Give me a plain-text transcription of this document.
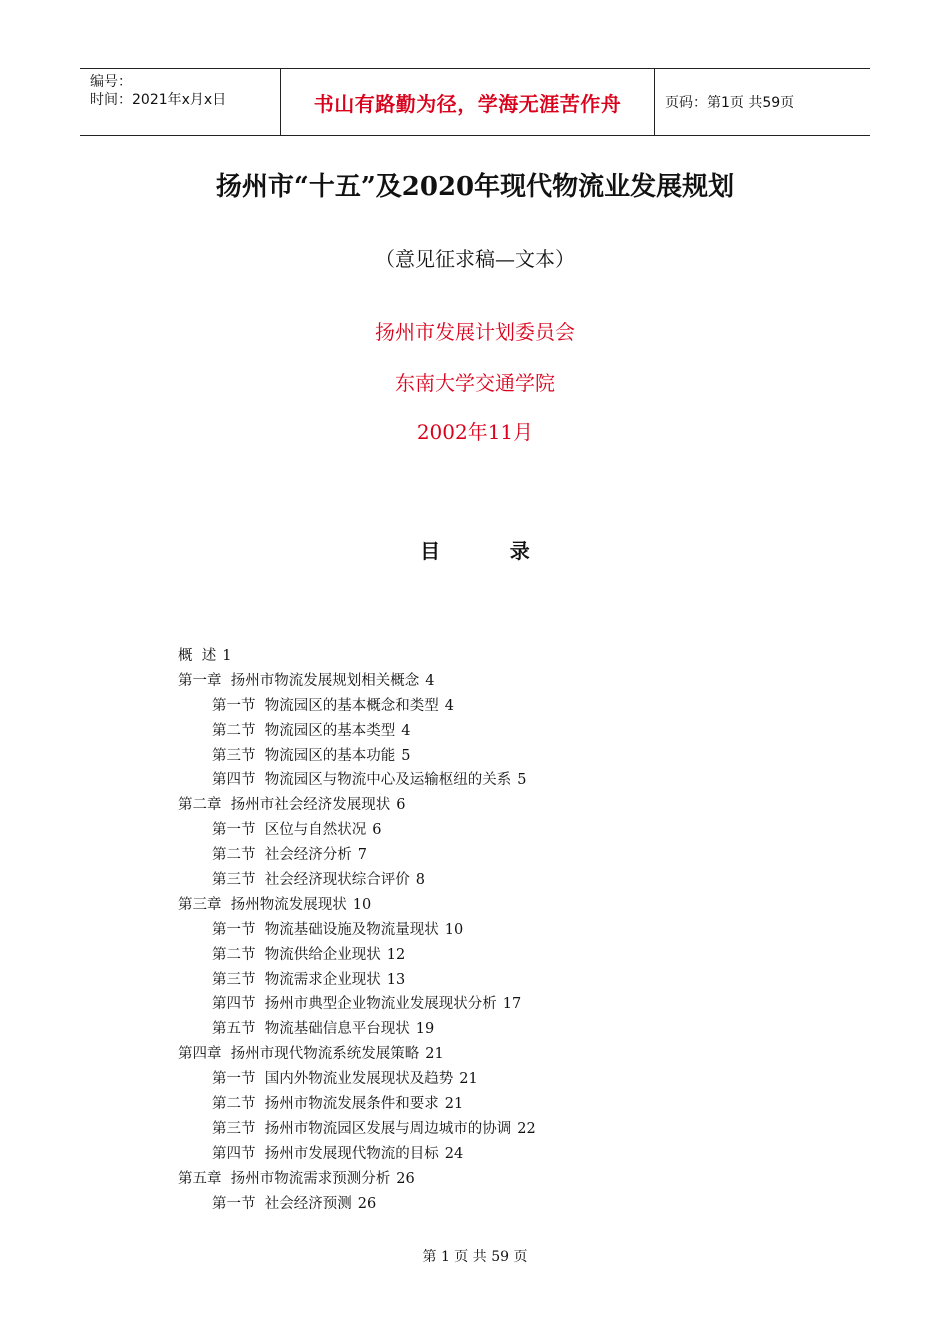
编号：
时间：2021年x月x日	书山有路勤为径，学海无涯苦作舟	页码：第1页 共59页
扬州市“十五”及2020年现代物流业发展规划
（意见征求稿—文本）
扬州市发展计划委员会
东南大学交通学院
2002年11月
目          录
概  述 1
第一章  扬州市物流发展规划相关概念 4
第一节  物流园区的基本概念和类型 4
第二节  物流园区的基本类型 4
第三节  物流园区的基本功能 5
第四节  物流园区与物流中心及运输枢纽的关系 5
第二章  扬州市社会经济发展现状 6
第一节  区位与自然状况 6
第二节  社会经济分析 7
第三节  社会经济现状综合评价 8
第三章  扬州物流发展现状 10
第一节  物流基础设施及物流量现状 10
第二节  物流供给企业现状 12
第三节  物流需求企业现状 13
第四节  扬州市典型企业物流业发展现状分析 17
第五节  物流基础信息平台现状 19
第四章  扬州市现代物流系统发展策略 21
第一节  国内外物流业发展现状及趋势 21
第二节  扬州市物流发展条件和要求 21
第三节  扬州市物流园区发展与周边城市的协调 22
第四节  扬州市发展现代物流的目标 24
第五章  扬州市物流需求预测分析 26
第一节  社会经济预测 26
第 1 页 共 59 页
